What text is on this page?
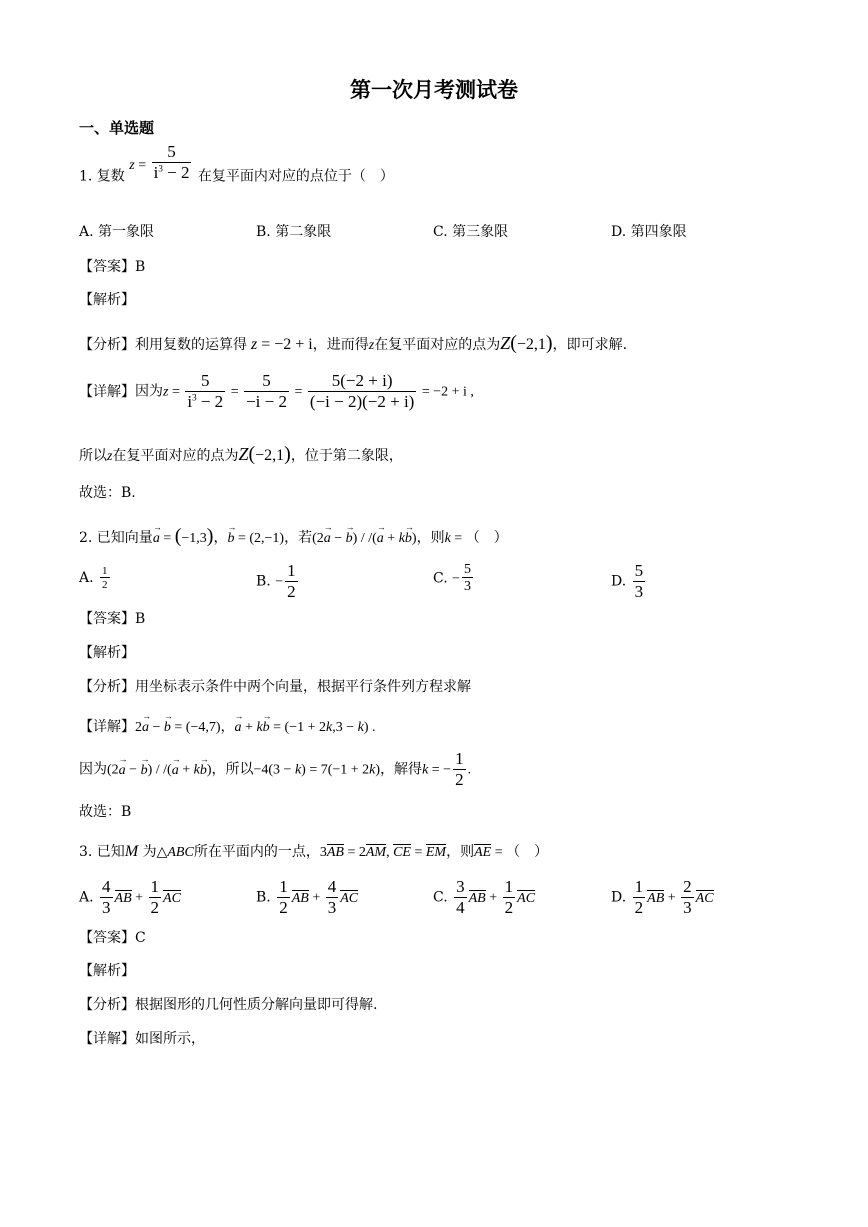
第一次月考测试卷
一、单选题
1. 复数 $z = \frac{5}{i^3 - 2}$ 在复平面内对应的点位于（　）
A. 第一象限	B. 第二象限	C. 第三象限	D. 第四象限
【答案】B
【解析】
【分析】利用复数的运算得 z = −2 + i，进而得z在复平面对应的点为Z(−2,1)，即可求解.
【详解】因为$z = \frac{5}{i^3 - 2} = \frac{5}{-i - 2} = \frac{5(-2 + i)}{(-i - 2)(-2 + i)} = -2 + i$ ,
所以z在复平面对应的点为Z(−2,1)，位于第二象限，
故选：B.
2. 已知向量→ a = (−1,3)，→ b = (2,−1)，若(2→ a − → b) / /(→ a + k→ b)，则k = （　）
A. $\frac{1}{2}$	B. − $\frac{1}{2}$	C. − $\frac{5}{3}$	D. $\frac{5}{3}$
【答案】B
【解析】
【分析】用坐标表示条件中两个向量，根据平行条件列方程求解
【详解】2→ a − → b = (−4,7)，→ a + k→ b = (−1 + 2k,3 − k) .
因为(2→ a − → b) / /(→ a + k→ b)，所以−4(3 − k) = 7(−1 + 2k)，解得k = − $\frac{1}{2}$ .
故选：B
3. 已知M 为△ABC所在平面内的一点，3AB = 2AM, CE = EM，则AE = （　）
A. $\frac{4}{3}$ AB + $\frac{1}{2}$ AC	B. $\frac{1}{2}$ AB + $\frac{4}{3}$ AC	C. $\frac{3}{4}$ AB + $\frac{1}{2}$ AC	D. $\frac{1}{2}$ AB + $\frac{2}{3}$ AC
【答案】C
【解析】
【分析】根据图形的几何性质分解向量即可得解.
【详解】如图所示，
